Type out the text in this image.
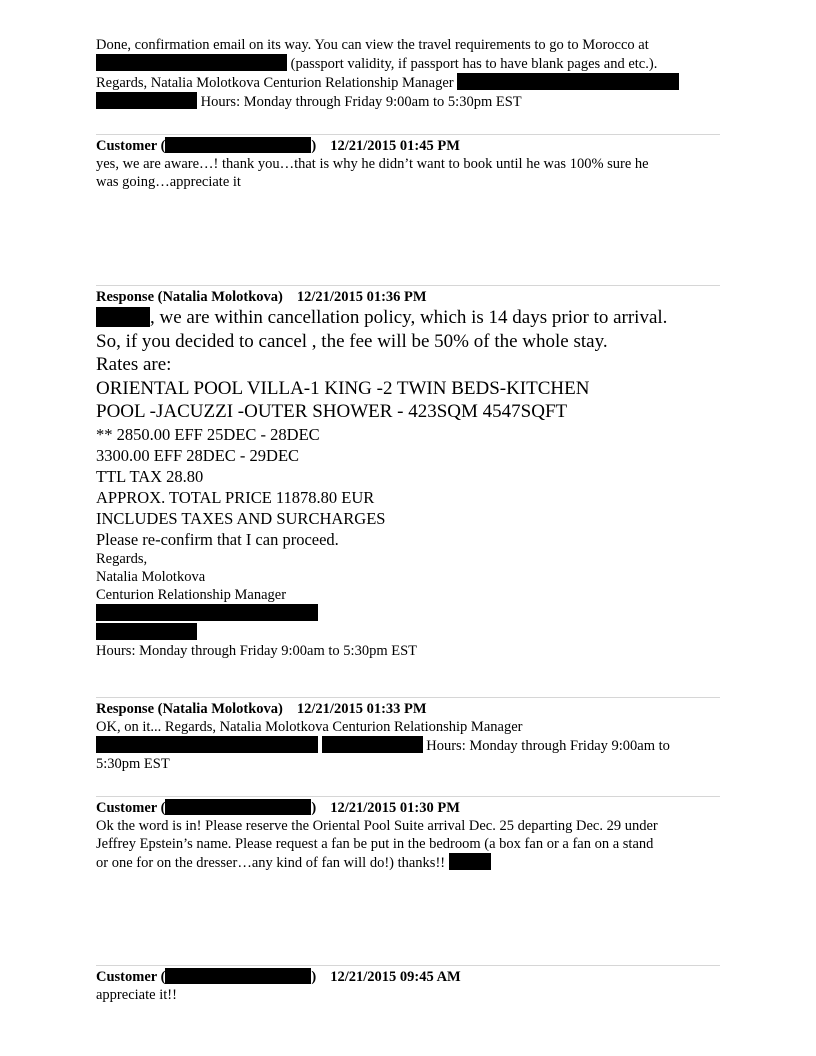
Done, confirmation email on its way. You can view the travel requirements to go to Morocco at
(passport validity, if passport has to have blank pages and etc.).
Regards, Natalia Molotkova Centurion Relationship Manager
Hours: Monday through Friday 9:00am to 5:30pm EST
Customer (	) 12/21/2015 01:45 PM
yes, we are aware…! thank you…that is why he didn’t want to book until he was 100% sure he
was going…appreciate it
Response (Natalia Molotkova) 12/21/2015 01:36 PM
, we are within cancellation policy, which is 14 days prior to arrival.
So, if you decided to cancel , the fee will be 50% of the whole stay.
Rates are:
ORIENTAL POOL VILLA-1 KING -2 TWIN BEDS-KITCHEN
POOL -JACUZZI -OUTER SHOWER - 423SQM 4547SQFT
** 2850.00 EFF 25DEC - 28DEC
3300.00 EFF 28DEC - 29DEC
TTL TAX 28.80
APPROX. TOTAL PRICE 11878.80 EUR
INCLUDES TAXES AND SURCHARGES
Please re-confirm that I can proceed.
Regards,
Natalia Molotkova
Centurion Relationship Manager
Hours: Monday through Friday 9:00am to 5:30pm EST
Response (Natalia Molotkova) 12/21/2015 01:33 PM
OK, on it... Regards, Natalia Molotkova Centurion Relationship Manager
Hours: Monday through Friday 9:00am to
5:30pm EST
Customer (	) 12/21/2015 01:30 PM
Ok the word is in! Please reserve the Oriental Pool Suite arrival Dec. 25 departing Dec. 29 under
Jeffrey Epstein’s name. Please request a fan be put in the bedroom (a box fan or a fan on a stand
or one for on the dresser…any kind of fan will do!) thanks!!
Customer (	) 12/21/2015 09:45 AM
appreciate it!!
